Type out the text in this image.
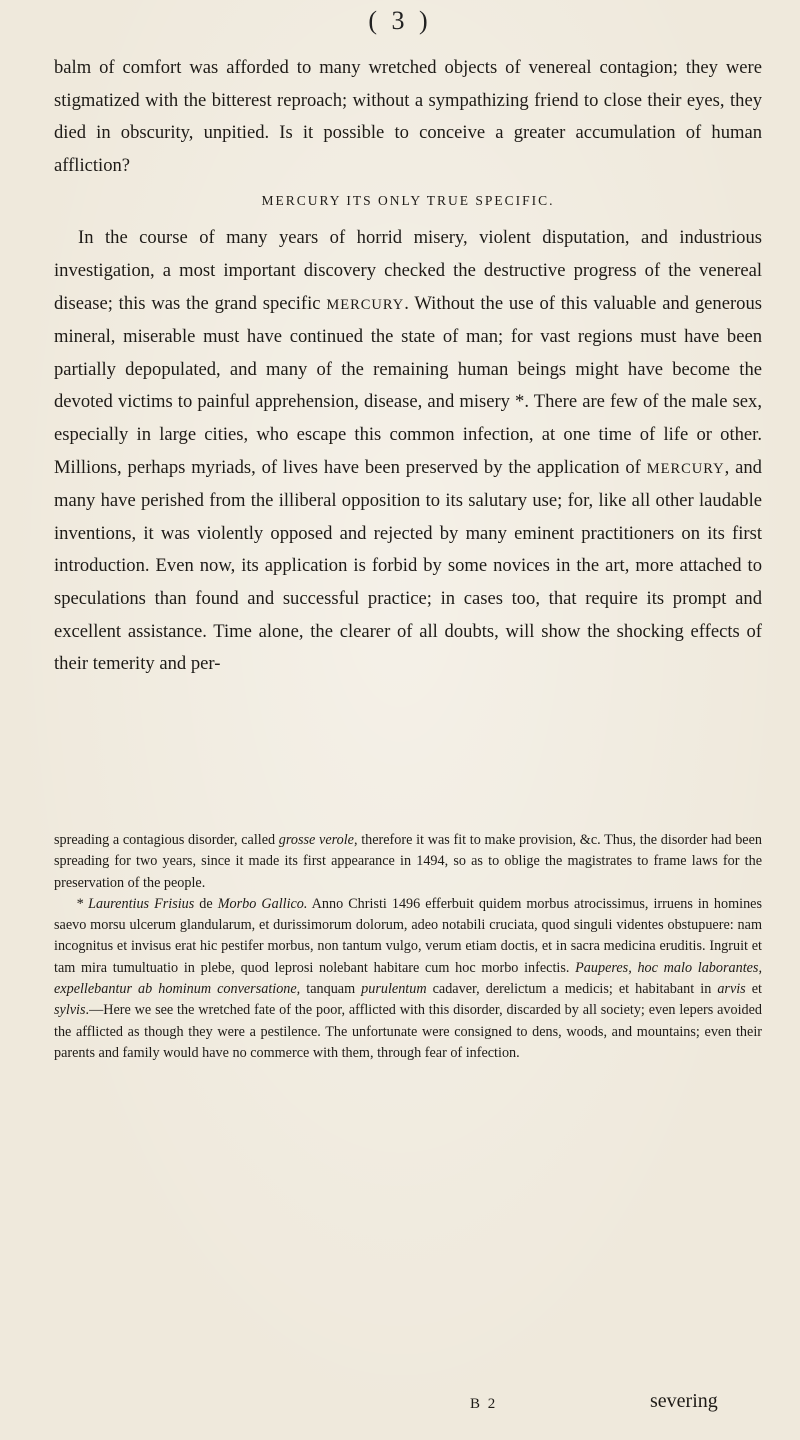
( 3 )

balm of comfort was afforded to many wretched objects of venereal contagion; they were stigmatized with the bitterest reproach; without a sympathizing friend to close their eyes, they died in obscurity, unpitied. Is it possible to conceive a greater accumulation of human affliction?

MERCURY ITS ONLY TRUE SPECIFIC.

In the course of many years of horrid misery, violent disputation, and industrious investigation, a most important discovery checked the destructive progress of the venereal disease; this was the grand specific MERCURY. Without the use of this valuable and generous mineral, miserable must have continued the state of man; for vast regions must have been partially depopulated, and many of the remaining human beings might have become the devoted victims to painful apprehension, disease, and misery *. There are few of the male sex, especially in large cities, who escape this common infection, at one time of life or other. Millions, perhaps myriads, of lives have been preserved by the application of MERCURY, and many have perished from the illiberal opposition to its salutary use; for, like all other laudable inventions, it was violently opposed and rejected by many eminent practitioners on its first introduction. Even now, its application is forbid by some novices in the art, more attached to speculations than found and successful practice; in cases too, that require its prompt and excellent assistance. Time alone, the clearer of all doubts, will show the shocking effects of their temerity and per-

spreading a contagious disorder, called grosse verole, therefore it was fit to make provision, &c. Thus, the disorder had been spreading for two years, since it made its first appearance in 1494, so as to oblige the magistrates to frame laws for the preservation of the people.

* Laurentius Frisius de Morbo Gallico. Anno Christi 1496 efferbuit quidem morbus atrocissimus, irruens in homines saevo morsu ulcerum glandularum, et durissimorum dolorum, adeo notabili cruciata, quod singuli videntes obstupuere: nam incognitus et invisus erat hic pestifer morbus, non tantum vulgo, verum etiam doctis, et in sacra medicina eruditis. Ingruit et tam mira tumultuatio in plebe, quod leprosi nolebant habitare cum hoc morbo infectis. Pauperes, hoc malo laborantes, expellebantur ab hominum conversatione, tanquam purulentum cadaver, derelictum a medicis; et habitabant in arvis et sylvis.—Here we see the wretched fate of the poor, afflicted with this disorder, discarded by all society; even lepers avoided the afflicted as though they were a pestilence. The unfortunate were consigned to dens, woods, and mountains; even their parents and family would have no commerce with them, through fear of infection.

B 2	severing
